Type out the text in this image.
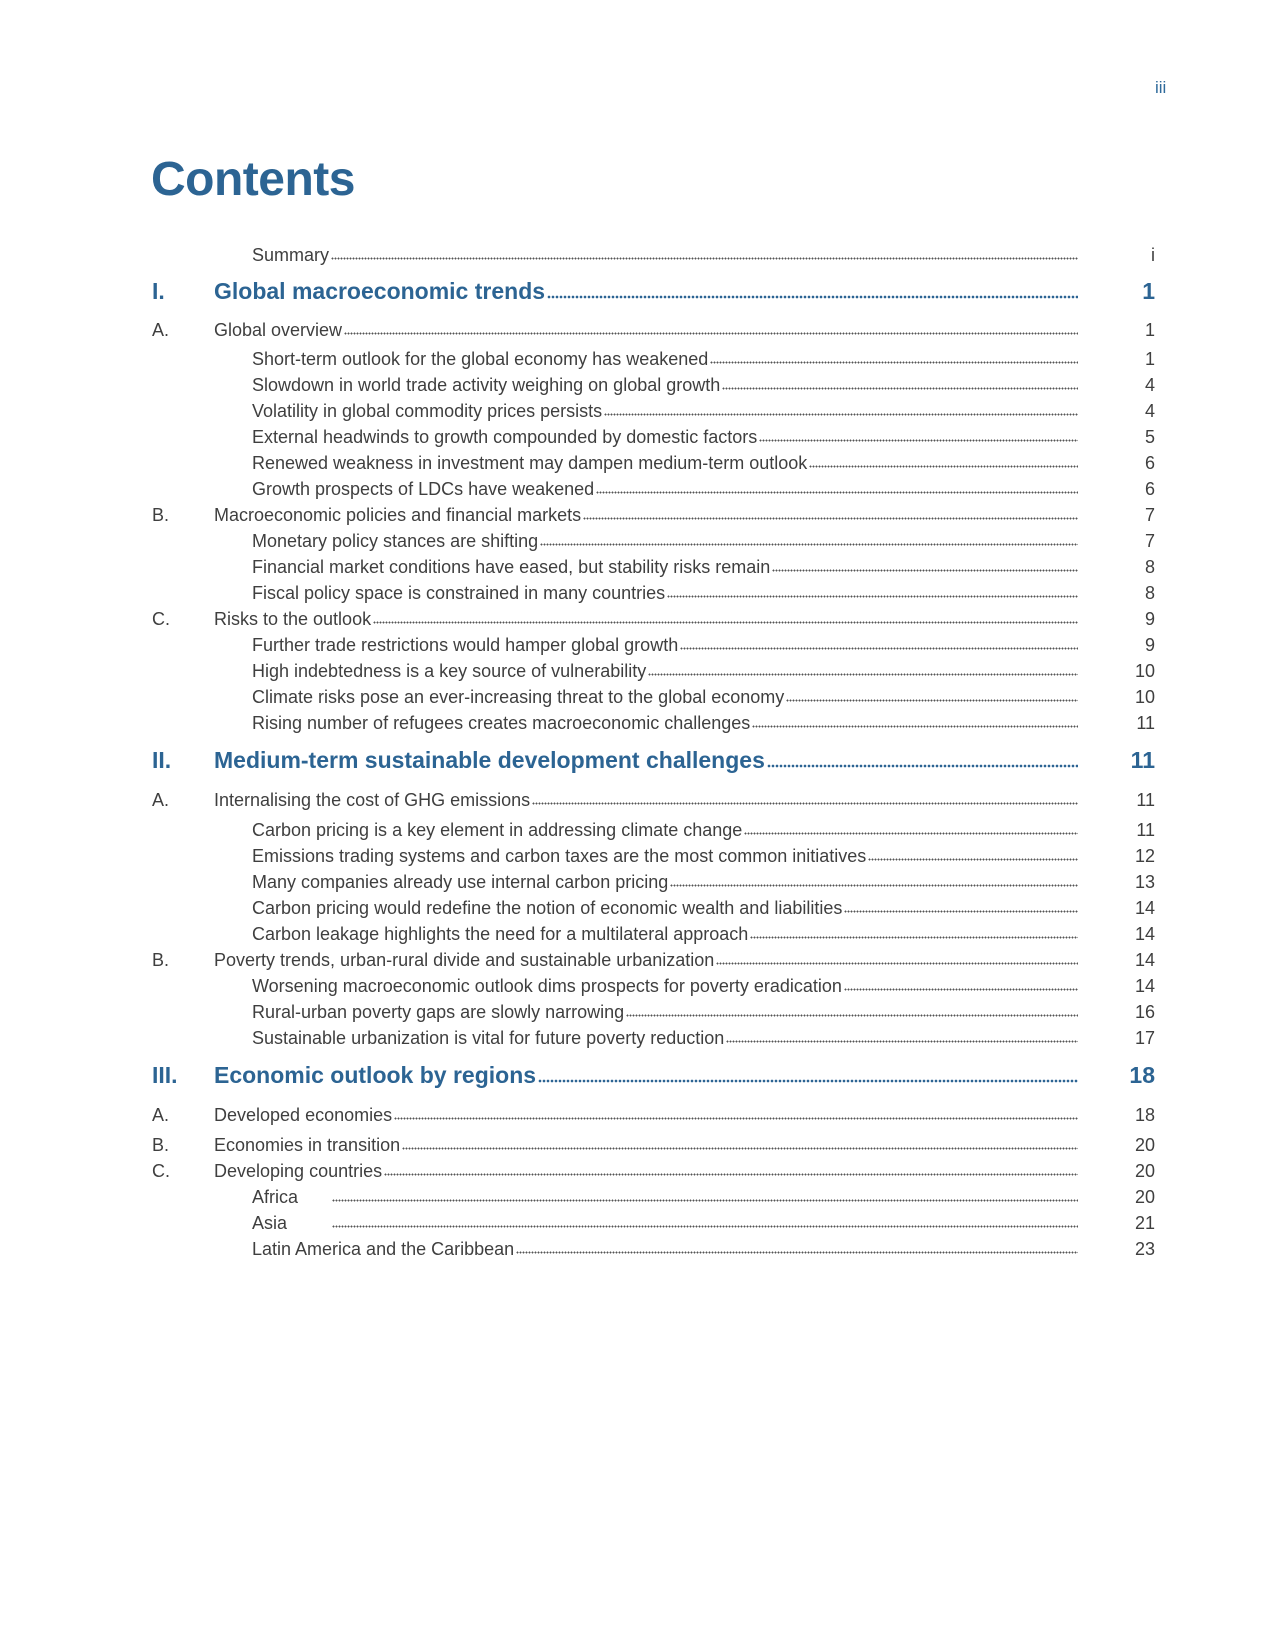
iii
Contents
Summary	i
I. Global macroeconomic trends	1
A. Global overview	1
Short-term outlook for the global economy has weakened	1
Slowdown in world trade activity weighing on global growth	4
Volatility in global commodity prices persists	4
External headwinds to growth compounded by domestic factors	5
Renewed weakness in investment may dampen medium-term outlook	6
Growth prospects of LDCs have weakened	6
B. Macroeconomic policies and financial markets	7
Monetary policy stances are shifting	7
Financial market conditions have eased, but stability risks remain	8
Fiscal policy space is constrained in many countries	8
C. Risks to the outlook	9
Further trade restrictions would hamper global growth	9
High indebtedness is a key source of vulnerability	10
Climate risks pose an ever-increasing threat to the global economy	10
Rising number of refugees creates macroeconomic challenges	11
II. Medium-term sustainable development challenges	11
A. Internalising the cost of GHG emissions	11
Carbon pricing is a key element in addressing climate change	11
Emissions trading systems and carbon taxes are the most common initiatives	12
Many companies already use internal carbon pricing	13
Carbon pricing would redefine the notion of economic wealth and liabilities	14
Carbon leakage highlights the need for a multilateral approach	14
B. Poverty trends, urban-rural divide and sustainable urbanization	14
Worsening macroeconomic outlook dims prospects for poverty eradication	14
Rural-urban poverty gaps are slowly narrowing	16
Sustainable urbanization is vital for future poverty reduction	17
III. Economic outlook by regions	18
A. Developed economies	18
B. Economies in transition	20
C. Developing countries	20
Africa	20
Asia	21
Latin America and the Caribbean	23
